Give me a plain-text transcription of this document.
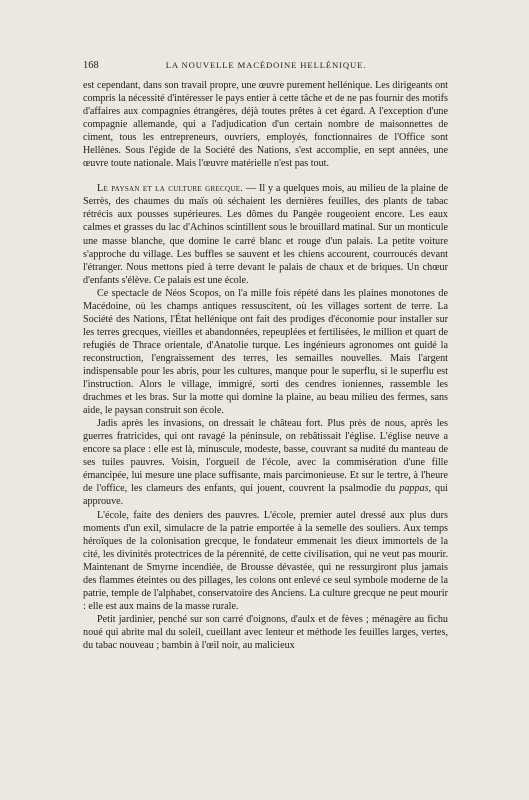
168	LA NOUVELLE MACÉDOINE HELLÉNIQUE.

est cependant, dans son travail propre, une œuvre purement hellénique. Les dirigeants ont compris la nécessité d'intéresser le pays entier à cette tâche et de ne pas fournir des motifs d'affaires aux compagnies étrangères, déjà toutes prêtes à cet égard. A l'exception d'une compagnie allemande, qui a l'adjudication d'un certain nombre de maisonnettes de ciment, tous les entrepreneurs, ouvriers, employés, fonctionnaires de l'Office sont Hellènes. Sous l'égide de la Société des Nations, s'est accomplie, en sept années, une œuvre toute nationale. Mais l'œuvre matérielle n'est pas tout.

Le paysan et la culture grecque. — Il y a quelques mois, au milieu de la plaine de Serrès, des chaumes du maïs où séchaient les dernières feuilles, des plants de tabac rétrécis aux pousses supérieures. Les dômes du Pangée rougeoient encore. Les eaux calmes et grasses du lac d'Achinos scintillent sous le brouillard matinal. Sur un monticule une masse blanche, que domine le carré blanc et rouge d'un palais. La petite voiture s'approche du village. Les buffles se sauvent et les chiens accourent, courroucés devant l'étranger. Nous mettons pied à terre devant le palais de chaux et de briques. Un chœur d'enfants s'élève. Ce palais est une école.

Ce spectacle de Néos Scopos, on l'a mille fois répété dans les plaines monotones de Macédoine, où les champs antiques ressuscitent, où les villages sortent de terre. La Société des Nations, l'État hellénique ont fait des prodiges d'économie pour installer sur les terres grecques, vieilles et abandonnées, repeuplées et fertilisées, le million et quart de refugiés de Thrace orientale, d'Anatolie turque. Les ingénieurs agronomes ont guidé la reconstruction, l'engraissement des terres, les semailles nouvelles. Mais l'argent indispensable pour les abris, pour les cultures, manque pour le superflu, si le superflu est l'instruction. Alors le village, immigré, sorti des cendres ioniennes, rassemble les drachmes et les bras. Sur la motte qui domine la plaine, au beau milieu des fermes, sans aide, le paysan construit son école.

Jadis après les invasions, on dressait le château fort. Plus près de nous, après les guerres fratricides, qui ont ravagé la péninsule, on rebâtissait l'église. L'église neuve a encore sa place : elle est là, minuscule, modeste, basse, couvrant sa nudité du manteau de ses tuiles pauvres. Voisin, l'orgueil de l'école, avec la commisération d'une fille émancipée, lui mesure une place suffisante, mais parcimonieuse. Et sur le tertre, à l'heure de l'office, les clameurs des enfants, qui jouent, couvrent la psalmodie du pappas, qui approuve.

L'école, faite des deniers des pauvres. L'école, premier autel dressé aux plus durs moments d'un exil, simulacre de la patrie emportée à la semelle des souliers. Aux temps héroïques de la colonisation grecque, le fondateur emmenait les dieux immortels de la cité, les divinités protectrices de la pérennité, de cette civilisation, qui ne veut pas mourir. Maintenant de Smyrne incendiée, de Brousse dévastée, qui ne ressurgiront plus jamais des flammes éteintes ou des pillages, les colons ont enlevé ce seul symbole moderne de la patrie, temple de l'alphabet, conservatoire des Anciens. La culture grecque ne peut mourir : elle est aux mains de la masse rurale.

Petit jardinier, penché sur son carré d'oignons, d'aulx et de fèves ; ménagère au fichu noué qui abrite mal du soleil, cueillant avec lenteur et méthode les feuilles larges, vertes, du tabac nouveau ; bambin à l'œil noir, au malicieux
